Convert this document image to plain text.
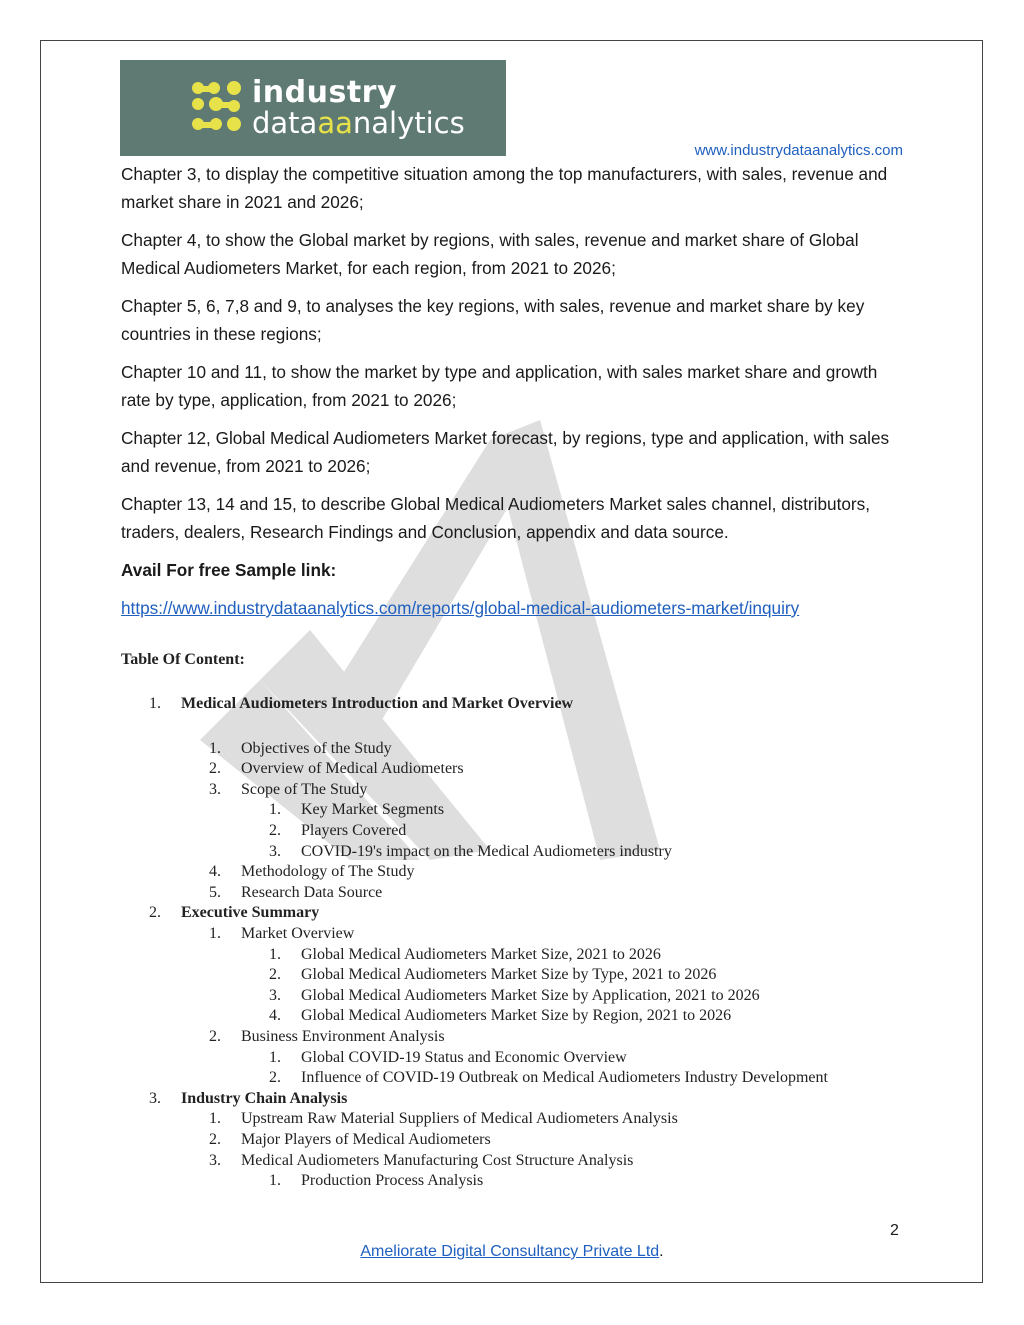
industry
dataaanalytics
www.industrydataanalytics.com

Chapter 3, to display the competitive situation among the top manufacturers, with sales, revenue and market share in 2021 and 2026;

Chapter 4, to show the Global market by regions, with sales, revenue and market share of Global Medical Audiometers Market, for each region, from 2021 to 2026;

Chapter 5, 6, 7,8 and 9, to analyses the key regions, with sales, revenue and market share by key countries in these regions;

Chapter 10 and 11, to show the market by type and application, with sales market share and growth rate by type, application, from 2021 to 2026;

Chapter 12, Global Medical Audiometers Market forecast, by regions, type and application, with sales and revenue, from 2021 to 2026;

Chapter 13, 14 and 15, to describe Global Medical Audiometers Market sales channel, distributors, traders, dealers, Research Findings and Conclusion, appendix and data source.

Avail For free Sample link:

https://www.industrydataanalytics.com/reports/global-medical-audiometers-market/inquiry

Table Of Content:

1. Medical Audiometers Introduction and Market Overview
1. Objectives of the Study
2. Overview of Medical Audiometers
3. Scope of The Study
1. Key Market Segments
2. Players Covered
3. COVID-19's impact on the Medical Audiometers industry
4. Methodology of The Study
5. Research Data Source
2. Executive Summary
1. Market Overview
1. Global Medical Audiometers Market Size, 2021 to 2026
2. Global Medical Audiometers Market Size by Type, 2021 to 2026
3. Global Medical Audiometers Market Size by Application, 2021 to 2026
4. Global Medical Audiometers Market Size by Region, 2021 to 2026
2. Business Environment Analysis
1. Global COVID-19 Status and Economic Overview
2. Influence of COVID-19 Outbreak on Medical Audiometers Industry Development
3. Industry Chain Analysis
1. Upstream Raw Material Suppliers of Medical Audiometers Analysis
2. Major Players of Medical Audiometers
3. Medical Audiometers Manufacturing Cost Structure Analysis
1. Production Process Analysis
2
Ameliorate Digital Consultancy Private Ltd.
